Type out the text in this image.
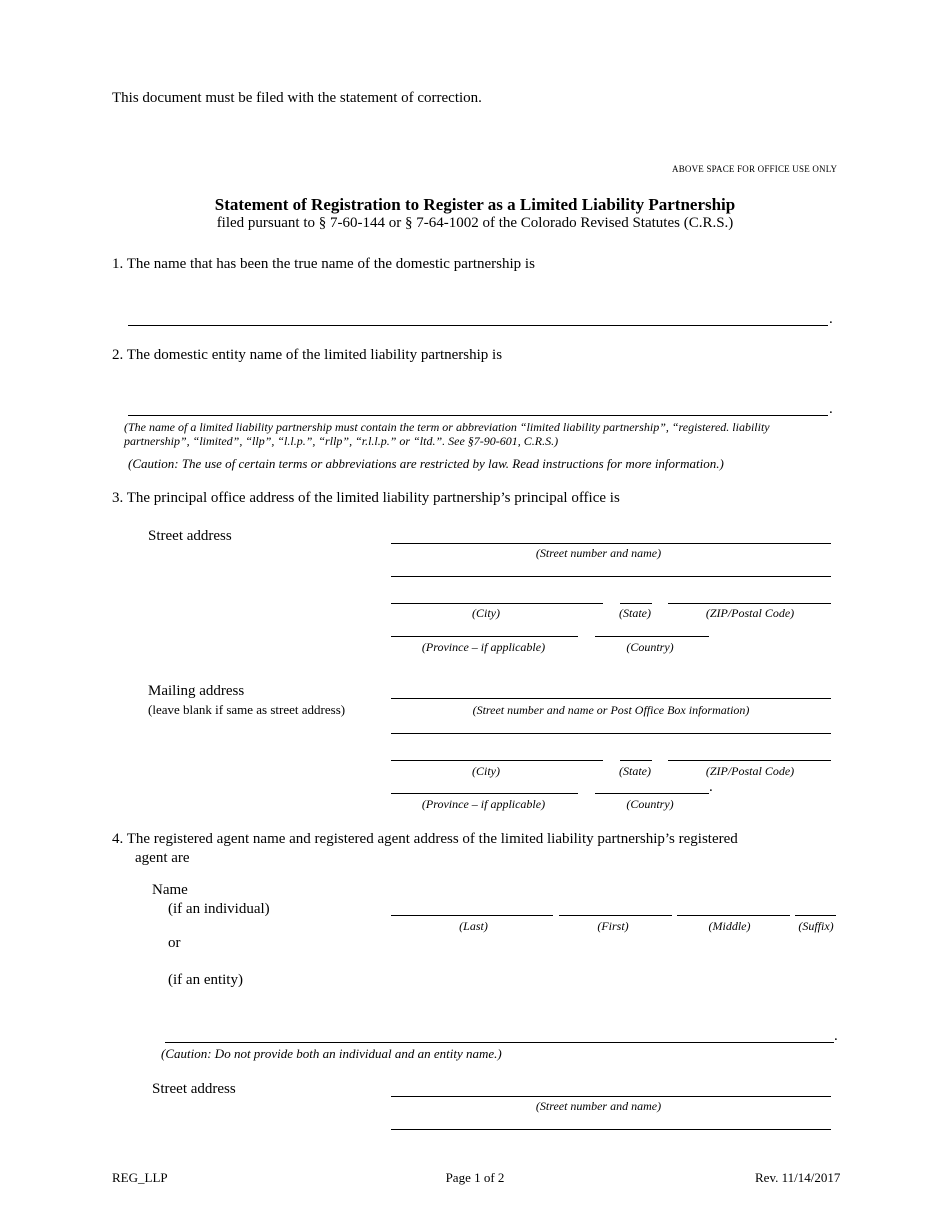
This document must be filed with the statement of correction.
ABOVE SPACE FOR OFFICE USE ONLY
Statement of Registration to Register as a Limited Liability Partnership
filed pursuant to § 7-60-144 or § 7-64-1002 of the Colorado Revised Statutes (C.R.S.)
1. The name that has been the true name of the domestic partnership is
.
2. The domestic entity name of the limited liability partnership is
.
(The name of a limited liability partnership must contain the term or abbreviation “limited liability partnership”, “registered. liability partnership”, “limited”, “llp”, “l.l.p.”, “rllp”, “r.l.l.p.” or “ltd.”. See §7-90-601, C.R.S.)
(Caution: The use of certain terms or abbreviations are restricted by law. Read instructions for more information.)
3. The principal office address of the limited liability partnership’s principal office is
Street address
(Street number and name)
(City)	(State)	(ZIP/Postal Code)
(Province – if applicable)	(Country)
Mailing address
(leave blank if same as street address)	(Street number and name or Post Office Box information)
(City)	(State)	(ZIP/Postal Code)
.
(Province – if applicable)	(Country)
4. The registered agent name and registered agent address of the limited liability partnership’s registered
agent are
Name
(if an individual)
or
(if an entity)
(Last)	(First)	(Middle)	(Suffix)
.
(Caution: Do not provide both an individual and an entity name.)
Street address
(Street number and name)
REG_LLP	Page 1 of 2	Rev. 11/14/2017
